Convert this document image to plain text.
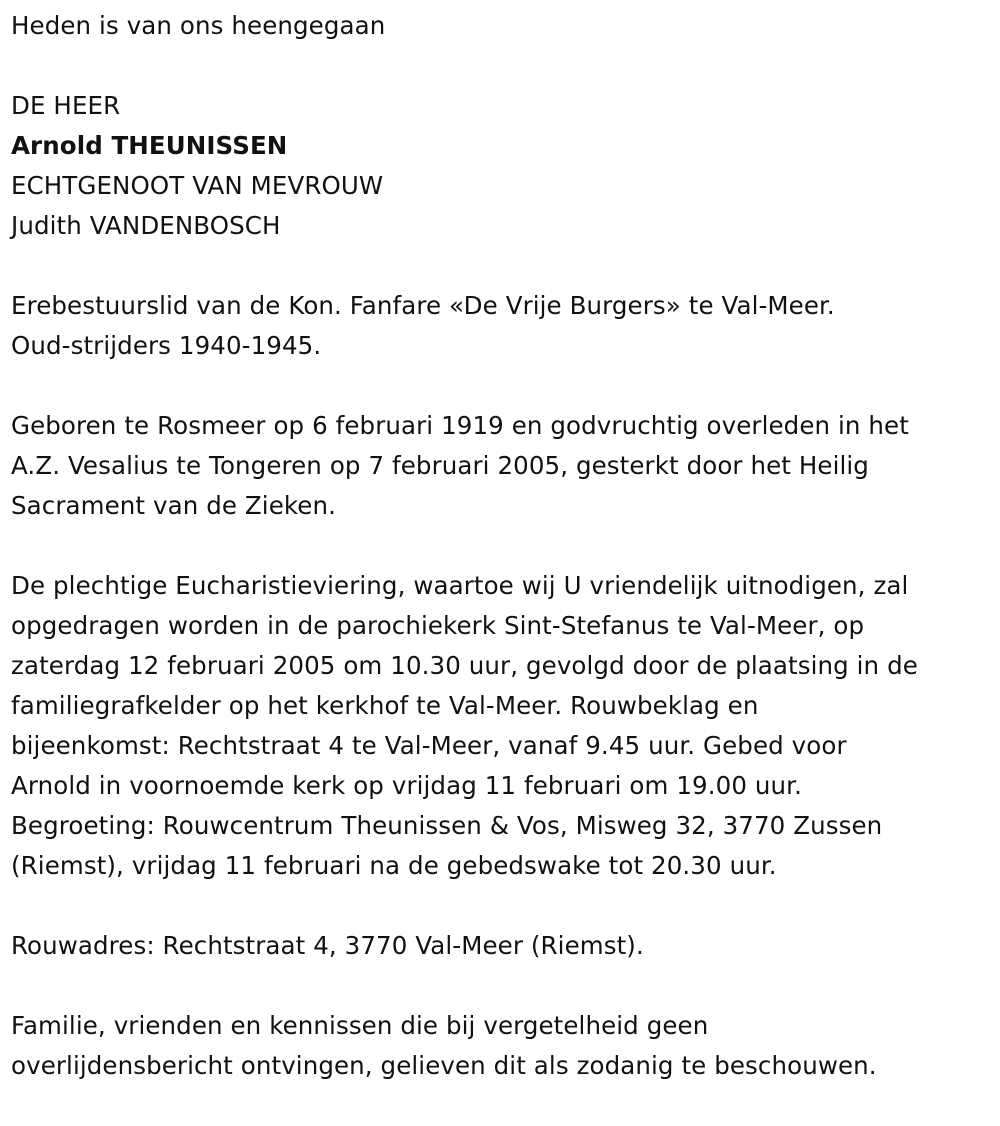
Heden is van ons heengegaan
DE HEER
Arnold THEUNISSEN
ECHTGENOOT VAN MEVROUW
Judith VANDENBOSCH
Erebestuurslid van de Kon. Fanfare «De Vrije Burgers» te Val-Meer.
Oud-strijders 1940-1945.
Geboren te Rosmeer op 6 februari 1919 en godvruchtig overleden in het
A.Z. Vesalius te Tongeren op 7 februari 2005, gesterkt door het Heilig
Sacrament van de Zieken.
De plechtige Eucharistieviering, waartoe wij U vriendelijk uitnodigen, zal
opgedragen worden in de parochiekerk Sint-Stefanus te Val-Meer, op
zaterdag 12 februari 2005 om 10.30 uur, gevolgd door de plaatsing in de
familiegrafkelder op het kerkhof te Val-Meer. Rouwbeklag en
bijeenkomst: Rechtstraat 4 te Val-Meer, vanaf 9.45 uur. Gebed voor
Arnold in voornoemde kerk op vrijdag 11 februari om 19.00 uur.
Begroeting: Rouwcentrum Theunissen & Vos, Misweg 32, 3770 Zussen
(Riemst), vrijdag 11 februari na de gebedswake tot 20.30 uur.
Rouwadres: Rechtstraat 4, 3770 Val-Meer (Riemst).
Familie, vrienden en kennissen die bij vergetelheid geen
overlijdensbericht ontvingen, gelieven dit als zodanig te beschouwen.
